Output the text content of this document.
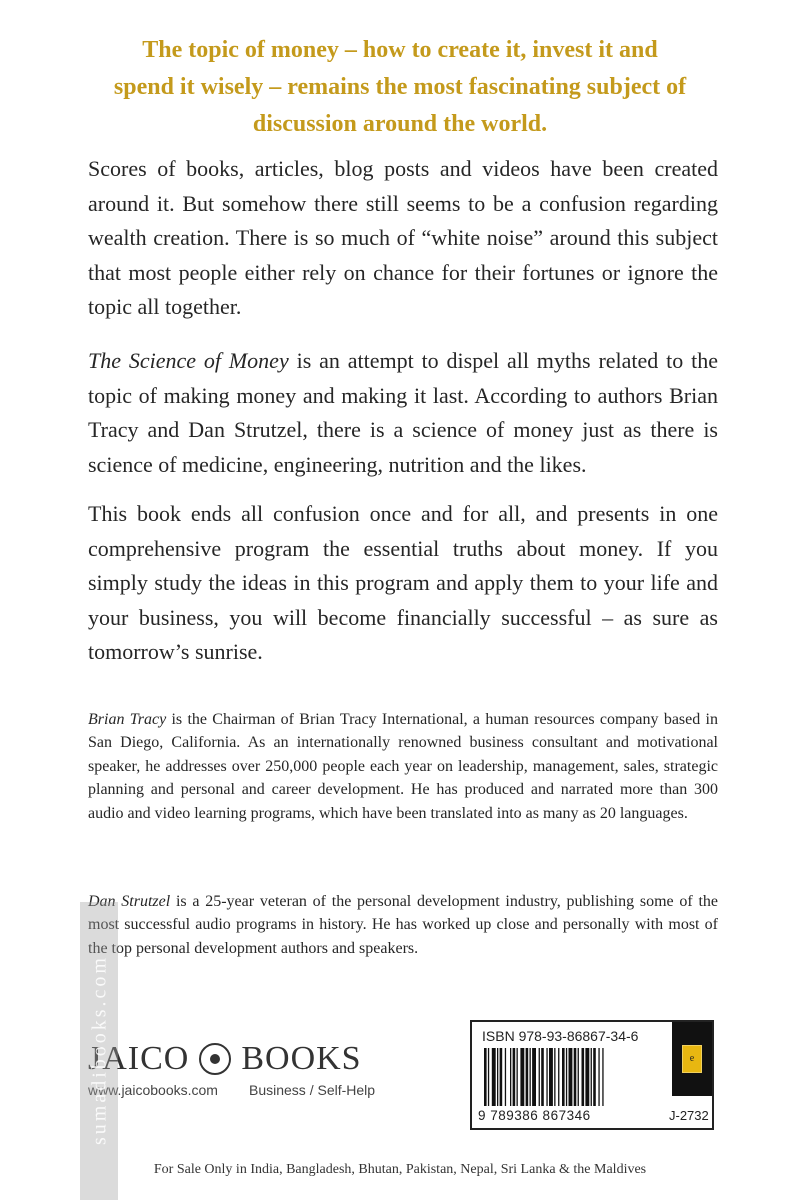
The topic of money – how to create it, invest it and
spend it wisely – remains the most fascinating subject of
discussion around the world.

Scores of books, articles, blog posts and videos have been created around it. But somehow there still seems to be a confusion regarding wealth creation. There is so much of “white noise” around this subject that most people either rely on chance for their fortunes or ignore the topic all together.

The Science of Money is an attempt to dispel all myths related to the topic of making money and making it last. According to authors Brian Tracy and Dan Strutzel, there is a science of money just as there is science of medicine, engineering, nutrition and the likes.

This book ends all confusion once and for all, and presents in one comprehensive program the essential truths about money. If you simply study the ideas in this program and apply them to your life and your business, you will become financially successful – as sure as tomorrow’s sunrise.

Brian Tracy is the Chairman of Brian Tracy International, a human resources company based in San Diego, California. As an internationally renowned business consultant and motivational speaker, he addresses over 250,000 people each year on leadership, management, sales, strategic planning and personal and career development. He has produced and narrated more than 300 audio and video learning programs, which have been translated into as many as 20 languages.

Dan Strutzel is a 25-year veteran of the personal development industry, publishing some of the most successful audio programs in history. He has worked up close and personally with most of the top personal development authors and speakers.

JAICO BOOKS
www.jaicobooks.com Business / Self-Help
ISBN 978-93-86867-34-6
9 789386 867346
e
J-2732
For Sale Only in India, Bangladesh, Bhutan, Pakistan, Nepal, Sri Lanka & the Maldives
sumadibooks.com
